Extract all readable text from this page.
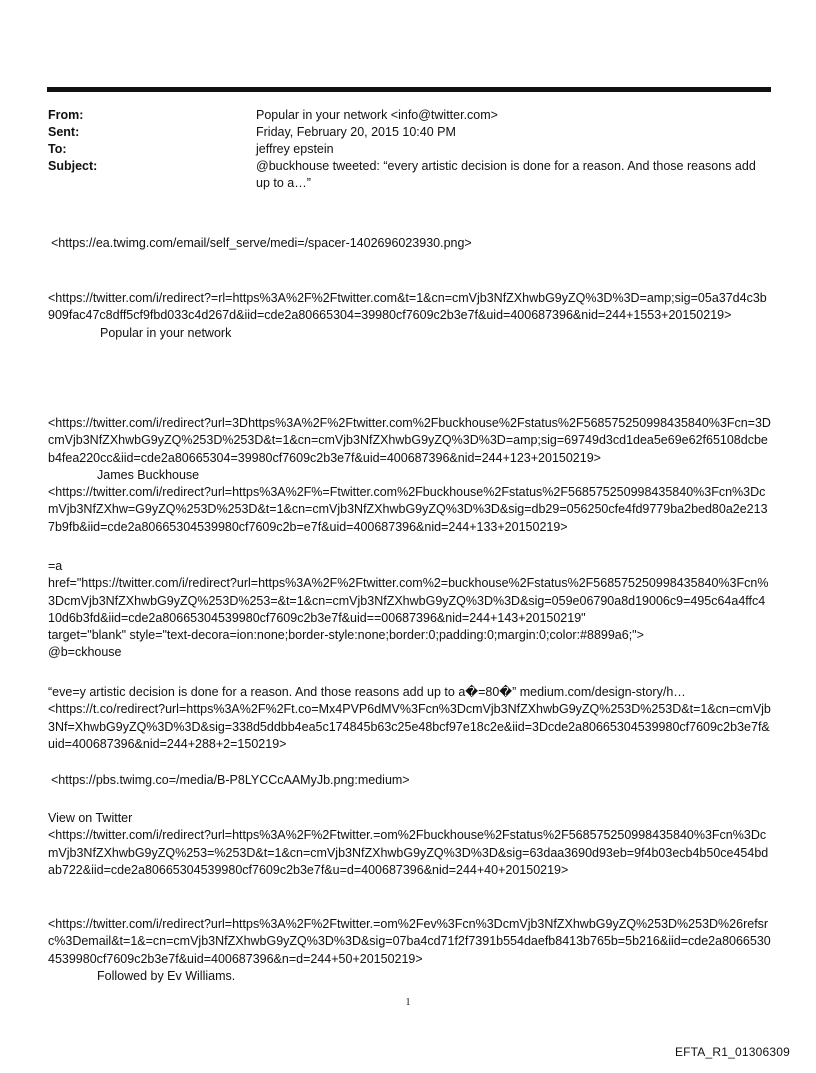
From:	Popular in your network <info@twitter.com>
Sent:	Friday, February 20, 2015 10:40 PM
To:	jeffrey epstein
Subject:	@buckhouse tweeted: “every artistic decision is done for a reason. And those reasons add up to a…”
<https://ea.twimg.com/email/self_serve/medi=/spacer-1402696023930.png>
<https://twitter.com/i/redirect?=rl=https%3A%2F%2Ftwitter.com&t=1&cn=cmVjb3NfZXhwbG9yZQ%3D%3D=amp;sig=05a37d4c3b909fac47c8dff5cf9fbd033c4d267d&iid=cde2a80665304=39980cf7609c2b3e7f&uid=400687396&nid=244+1553+20150219>Popular in your network

<https://twitter.com/i/redirect?url=3Dhttps%3A%2F%2Ftwitter.com%2Fbuckhouse%2Fstatus%2F568575250998435840%3Fcn=3DcmVjb3NfZXhwbG9yZQ%253D%253D&t=1&cn=cmVjb3NfZXhwbG9yZQ%3D%3D=amp;sig=69749d3cd1dea5e69e62f65108dcbeb4fea220cc&iid=cde2a80665304=39980cf7609c2b3e7f&uid=400687396&nid=244+123+20150219>

James Buckhouse

<https://twitter.com/i/redirect?url=https%3A%2F%=Ftwitter.com%2Fbuckhouse%2Fstatus%2F568575250998435840%3Fcn%3DcmVjb3NfZXhw=G9yZQ%253D%253D&t=1&cn=cmVjb3NfZXhwbG9yZQ%3D%3D&sig=db29=056250cfe4fd9779ba2bed80a2e2137b9fb&iid=cde2a80665304539980cf7609c2b=e7f&uid=400687396&nid=244+133+20150219>

=a

href="https://twitter.com/i/redirect?url=https%3A%2F%2Ftwitter.com%2=buckhouse%2Fstatus%2F568575250998435840%3Fcn%3DcmVjb3NfZXhwbG9yZQ%253D%253=&t=1&cn=cmVjb3NfZXhwbG9yZQ%3D%3D&sig=059e06790a8d19006c9=495c64a4ffc410d6b3fd&iid=cde2a80665304539980cf7609c2b3e7f&uid==00687396&nid=244+143+20150219"

target="blank" style="text-decora=ion:none;border-style:none;border:0;padding:0;margin:0;color:#8899a6;">

@b=ckhouse

“eve=y artistic decision is done for a reason. And those reasons add up to a�=80�” medium.com/design-story/h…

<https://t.co/redirect?url=https%3A%2F%2Ft.co=Mx4PVP6dMV%3Fcn%3DcmVjb3NfZXhwbG9yZQ%253D%253D&t=1&cn=cmVjb3Nf=XhwbG9yZQ%3D%3D&sig=338d5ddbb4ea5c174845b63c25e48bcf97e18c2e&iid=3Dcde2a80665304539980cf7609c2b3e7f&uid=400687396&nid=244+288+2=150219>

<https://pbs.twimg.co=/media/B-P8LYCCcAAMyJb.png:medium>

View on Twitter

<https://twitter.com/i/redirect?url=https%3A%2F%2Ftwitter.=om%2Fbuckhouse%2Fstatus%2F568575250998435840%3Fcn%3DcmVjb3NfZXhwbG9yZQ%253=%253D&t=1&cn=cmVjb3NfZXhwbG9yZQ%3D%3D&sig=63daa3690d93eb=9f4b03ecb4b50ce454bdab722&iid=cde2a80665304539980cf7609c2b3e7f&u=d=400687396&nid=244+40+20150219>

<https://twitter.com/i/redirect?url=https%3A%2F%2Ftwitter.=om%2Fev%3Fcn%3DcmVjb3NfZXhwbG9yZQ%253D%253D%26refsrc%3Demail&t=1&=cn=cmVjb3NfZXhwbG9yZQ%3D%3D&sig=07ba4cd71f2f7391b554daefb8413b765b=5b216&iid=cde2a80665304539980cf7609c2b3e7f&uid=400687396&n=d=244+50+20150219>

Followed by Ev Williams.

1
EFTA_R1_01306309
